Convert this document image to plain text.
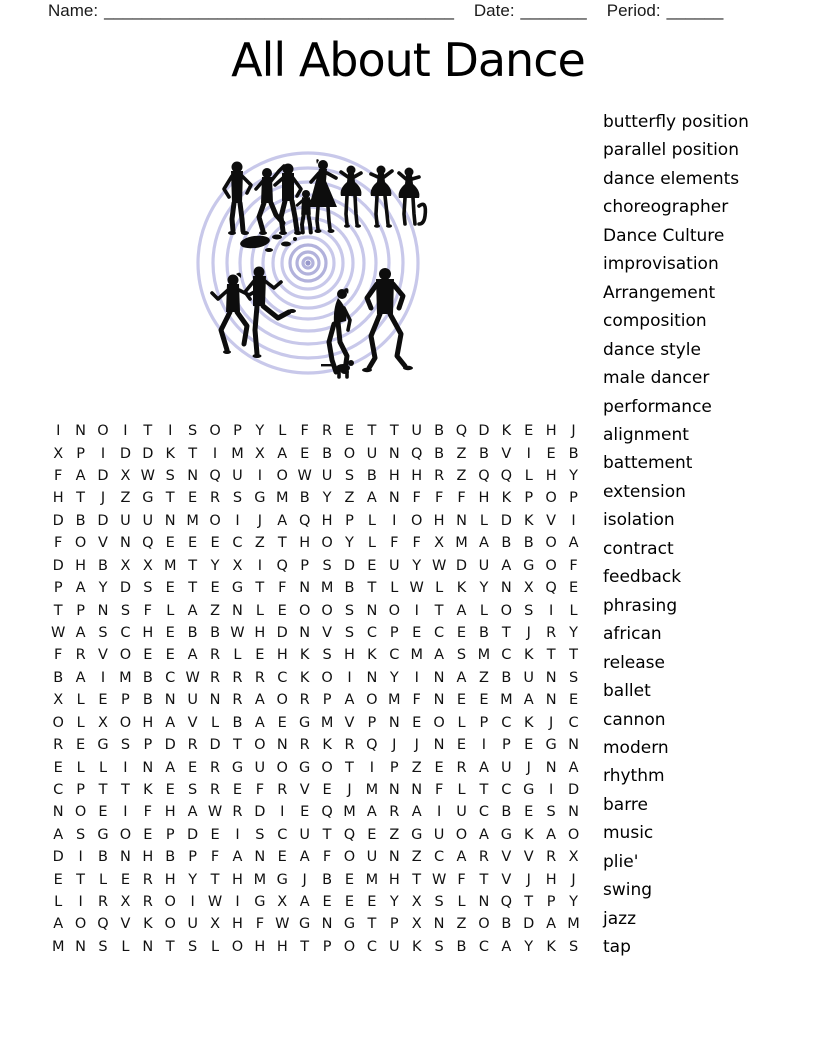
Name: _____________________________________ Date: _______ Period: ______
All About Dance
I	N O	I	T	I	S O P Y L F R E T T U B Q D K E H	J
X P	I	D D K T	I M X A E B O U N Q B Z B V	I	E B
F A D X W S N Q U	I	O W U S B H H R Z Q Q L H Y
H T	J	Z G T E R S G M B Y Z A N F F F H K P O P
D B D U U N M O	I	J	A Q H P L	I	O H N L D K V	I
F O V N Q E E E C Z T H O Y L F F X M A B B O A
D H B X X M T Y X	I	Q P S D E U Y W D U A G O F
P A Y D S E T E G T F N M B T L W L K Y N X Q E
T P N S F L A Z N L E O O S N O	I	T A L O S	I	L
W A S C H E B B W H D N V S C P E C E B T	J	R Y
F R V O E E A R L E H K S H K C M A S M C K T T
B A	I M B C W R R R C K O	I	N Y	I	N A Z B U N S
X L E P B N U N R A O R P A O M F N E E M A N E
O L X O H A V L B A E G M V P N E O L P C K	J	C
R E G S P D R D T O N R K R Q	J	J	N E	I	P E G N
E L L	I	N A E R G U O G O T	I	P Z E R A U	J	N A
C P T T K E S R E F R V E	J M N N F L T C G	I	D
N O E	I	F H A W R D	I	E Q M A R A	I	U C B E S N
A S G O E P D E	I	S C U T Q E Z G U O A G K A O
D	I	B N H B P F A N E A F O U N Z C A R V V R X
E T L E R H Y T H M G	J	B E M H T W F T V	J	H	J
L	I	R X R O	I W I	G X A E E E Y X S L N Q T P Y
A O Q V K O U X H F W G N G T P X N Z O B D A M
M N S L N T S L O H H T P O C U K S B C A Y K S
butterfly position
parallel position
dance elements
choreographer
Dance Culture
improvisation
Arrangement
composition
dance style
male dancer
performance
alignment
battement
extension
isolation
contract
feedback
phrasing
african
release
ballet
cannon
modern
rhythm
barre
music
plie'
swing
jazz
tap
